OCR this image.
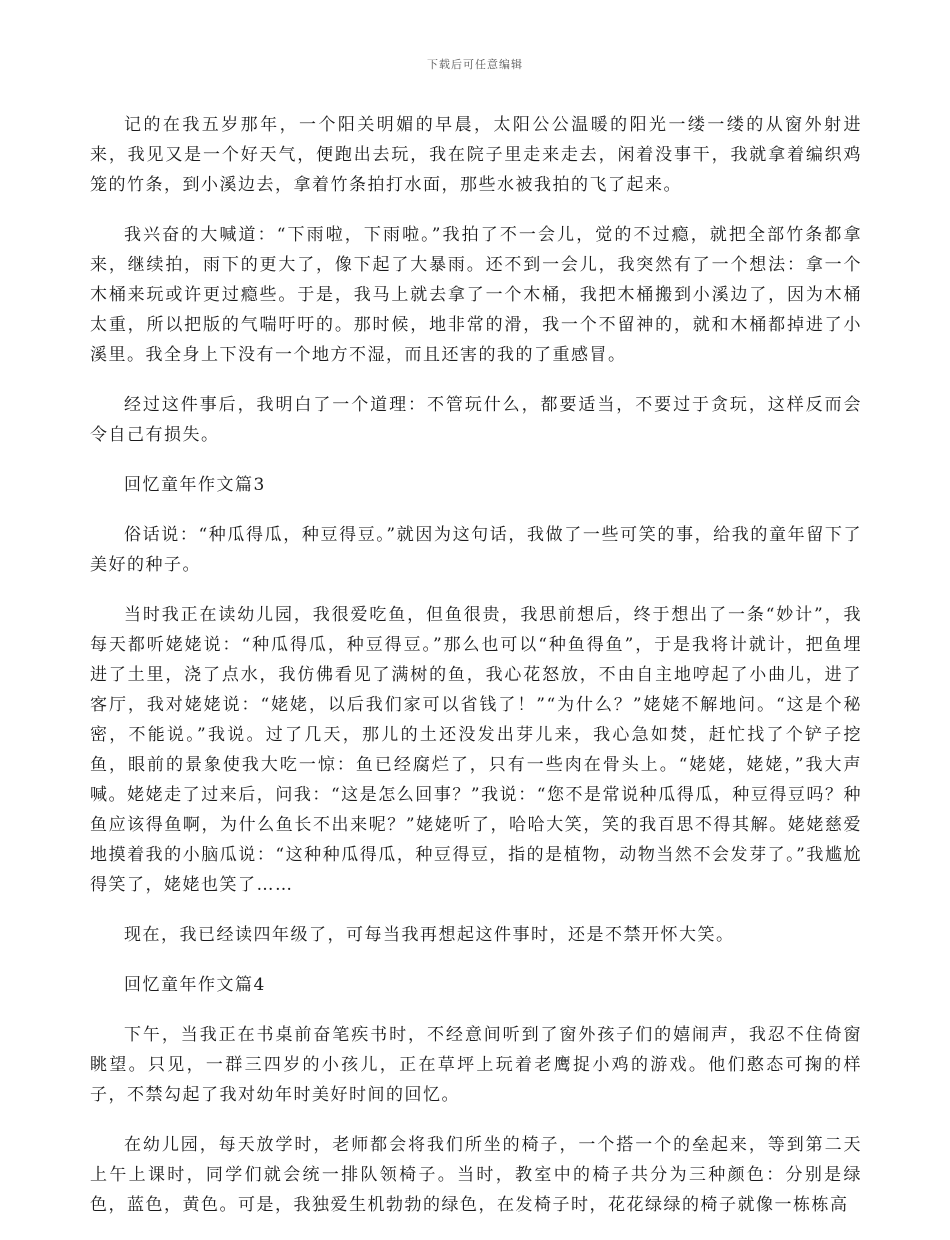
下载后可任意编辑

记的在我五岁那年，一个阳关明媚的早晨，太阳公公温暖的阳光一缕一缕的从窗外射进来，我见又是一个好天气，便跑出去玩，我在院子里走来走去，闲着没事干，我就拿着编织鸡笼的竹条，到小溪边去，拿着竹条拍打水面，那些水被我拍的飞了起来。

我兴奋的大喊道：“下雨啦，下雨啦。”我拍了不一会儿，觉的不过瘾，就把全部竹条都拿来，继续拍，雨下的更大了，像下起了大暴雨。还不到一会儿，我突然有了一个想法：拿一个木桶来玩或许更过瘾些。于是，我马上就去拿了一个木桶，我把木桶搬到小溪边了，因为木桶太重，所以把版的气喘吁吁的。那时候，地非常的滑，我一个不留神的，就和木桶都掉进了小溪里。我全身上下没有一个地方不湿，而且还害的我的了重感冒。

经过这件事后，我明白了一个道理：不管玩什么，都要适当，不要过于贪玩，这样反而会令自己有损失。

回忆童年作文篇3

俗话说：“种瓜得瓜，种豆得豆。”就因为这句话，我做了一些可笑的事，给我的童年留下了美好的种子。

当时我正在读幼儿园，我很爱吃鱼，但鱼很贵，我思前想后，终于想出了一条“妙计”，我每天都听姥姥说：“种瓜得瓜，种豆得豆。”那么也可以“种鱼得鱼”，于是我将计就计，把鱼埋进了土里，浇了点水，我仿佛看见了满树的鱼，我心花怒放，不由自主地哼起了小曲儿，进了客厅，我对姥姥说：“姥姥，以后我们家可以省钱了！”“为什么？”姥姥不解地问。“这是个秘密，不能说。”我说。过了几天，那儿的土还没发出芽儿来，我心急如焚，赶忙找了个铲子挖鱼，眼前的景象使我大吃一惊：鱼已经腐烂了，只有一些肉在骨头上。“姥姥，姥姥，”我大声喊。姥姥走了过来后，问我：“这是怎么回事？”我说：“您不是常说种瓜得瓜，种豆得豆吗？种鱼应该得鱼啊，为什么鱼长不出来呢？”姥姥听了，哈哈大笑，笑的我百思不得其解。姥姥慈爱地摸着我的小脑瓜说：“这种种瓜得瓜，种豆得豆，指的是植物，动物当然不会发芽了。”我尴尬得笑了，姥姥也笑了……

现在，我已经读四年级了，可每当我再想起这件事时，还是不禁开怀大笑。

回忆童年作文篇4

下午，当我正在书桌前奋笔疾书时，不经意间听到了窗外孩子们的嬉闹声，我忍不住倚窗眺望。只见，一群三四岁的小孩儿，正在草坪上玩着老鹰捉小鸡的游戏。他们憨态可掬的样子，不禁勾起了我对幼年时美好时间的回忆。

在幼儿园，每天放学时，老师都会将我们所坐的椅子，一个搭一个的垒起来，等到第二天上午上课时，同学们就会统一排队领椅子。当时，教室中的椅子共分为三种颜色：分别是绿色，蓝色，黄色。可是，我独爱生机勃勃的绿色，在发椅子时，花花绿绿的椅子就像一栋栋高
